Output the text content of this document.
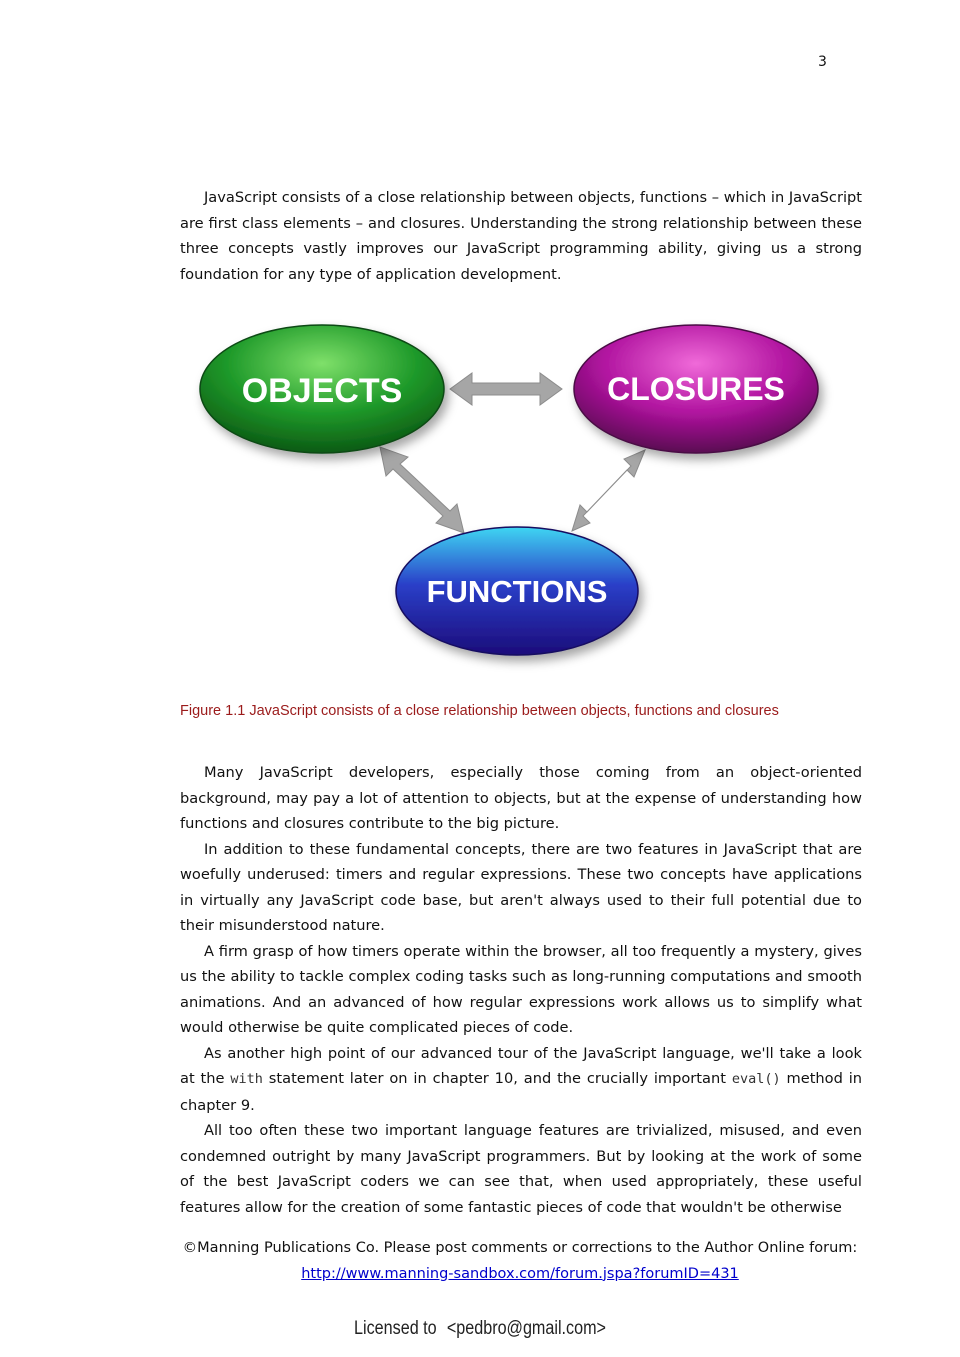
3

JavaScript consists of a close relationship between objects, functions – which in JavaScript are first class elements – and closures. Understanding the strong relationship between these three concepts vastly improves our JavaScript programming ability, giving us a strong foundation for any type of application development.

OBJECTS	CLOSURES
FUNCTIONS

Figure 1.1 JavaScript consists of a close relationship between objects, functions and closures

Many JavaScript developers, especially those coming from an object-oriented background, may pay a lot of attention to objects, but at the expense of understanding how functions and closures contribute to the big picture.

In addition to these fundamental concepts, there are two features in JavaScript that are woefully underused: timers and regular expressions. These two concepts have applications in virtually any JavaScript code base, but aren't always used to their full potential due to their misunderstood nature.

A firm grasp of how timers operate within the browser, all too frequently a mystery, gives us the ability to tackle complex coding tasks such as long-running computations and smooth animations. And an advanced of how regular expressions work allows us to simplify what would otherwise be quite complicated pieces of code.

As another high point of our advanced tour of the JavaScript language, we'll take a look at the with statement later on in chapter 10, and the crucially important eval() method in chapter 9.

All too often these two important language features are trivialized, misused, and even condemned outright by many JavaScript programmers. But by looking at the work of some of the best JavaScript coders we can see that, when used appropriately, these useful features allow for the creation of some fantastic pieces of code that wouldn't be otherwise

©Manning Publications Co. Please post comments or corrections to the Author Online forum:
http://www.manning-sandbox.com/forum.jspa?forumID=431
Licensed to <pedbro@gmail.com>
